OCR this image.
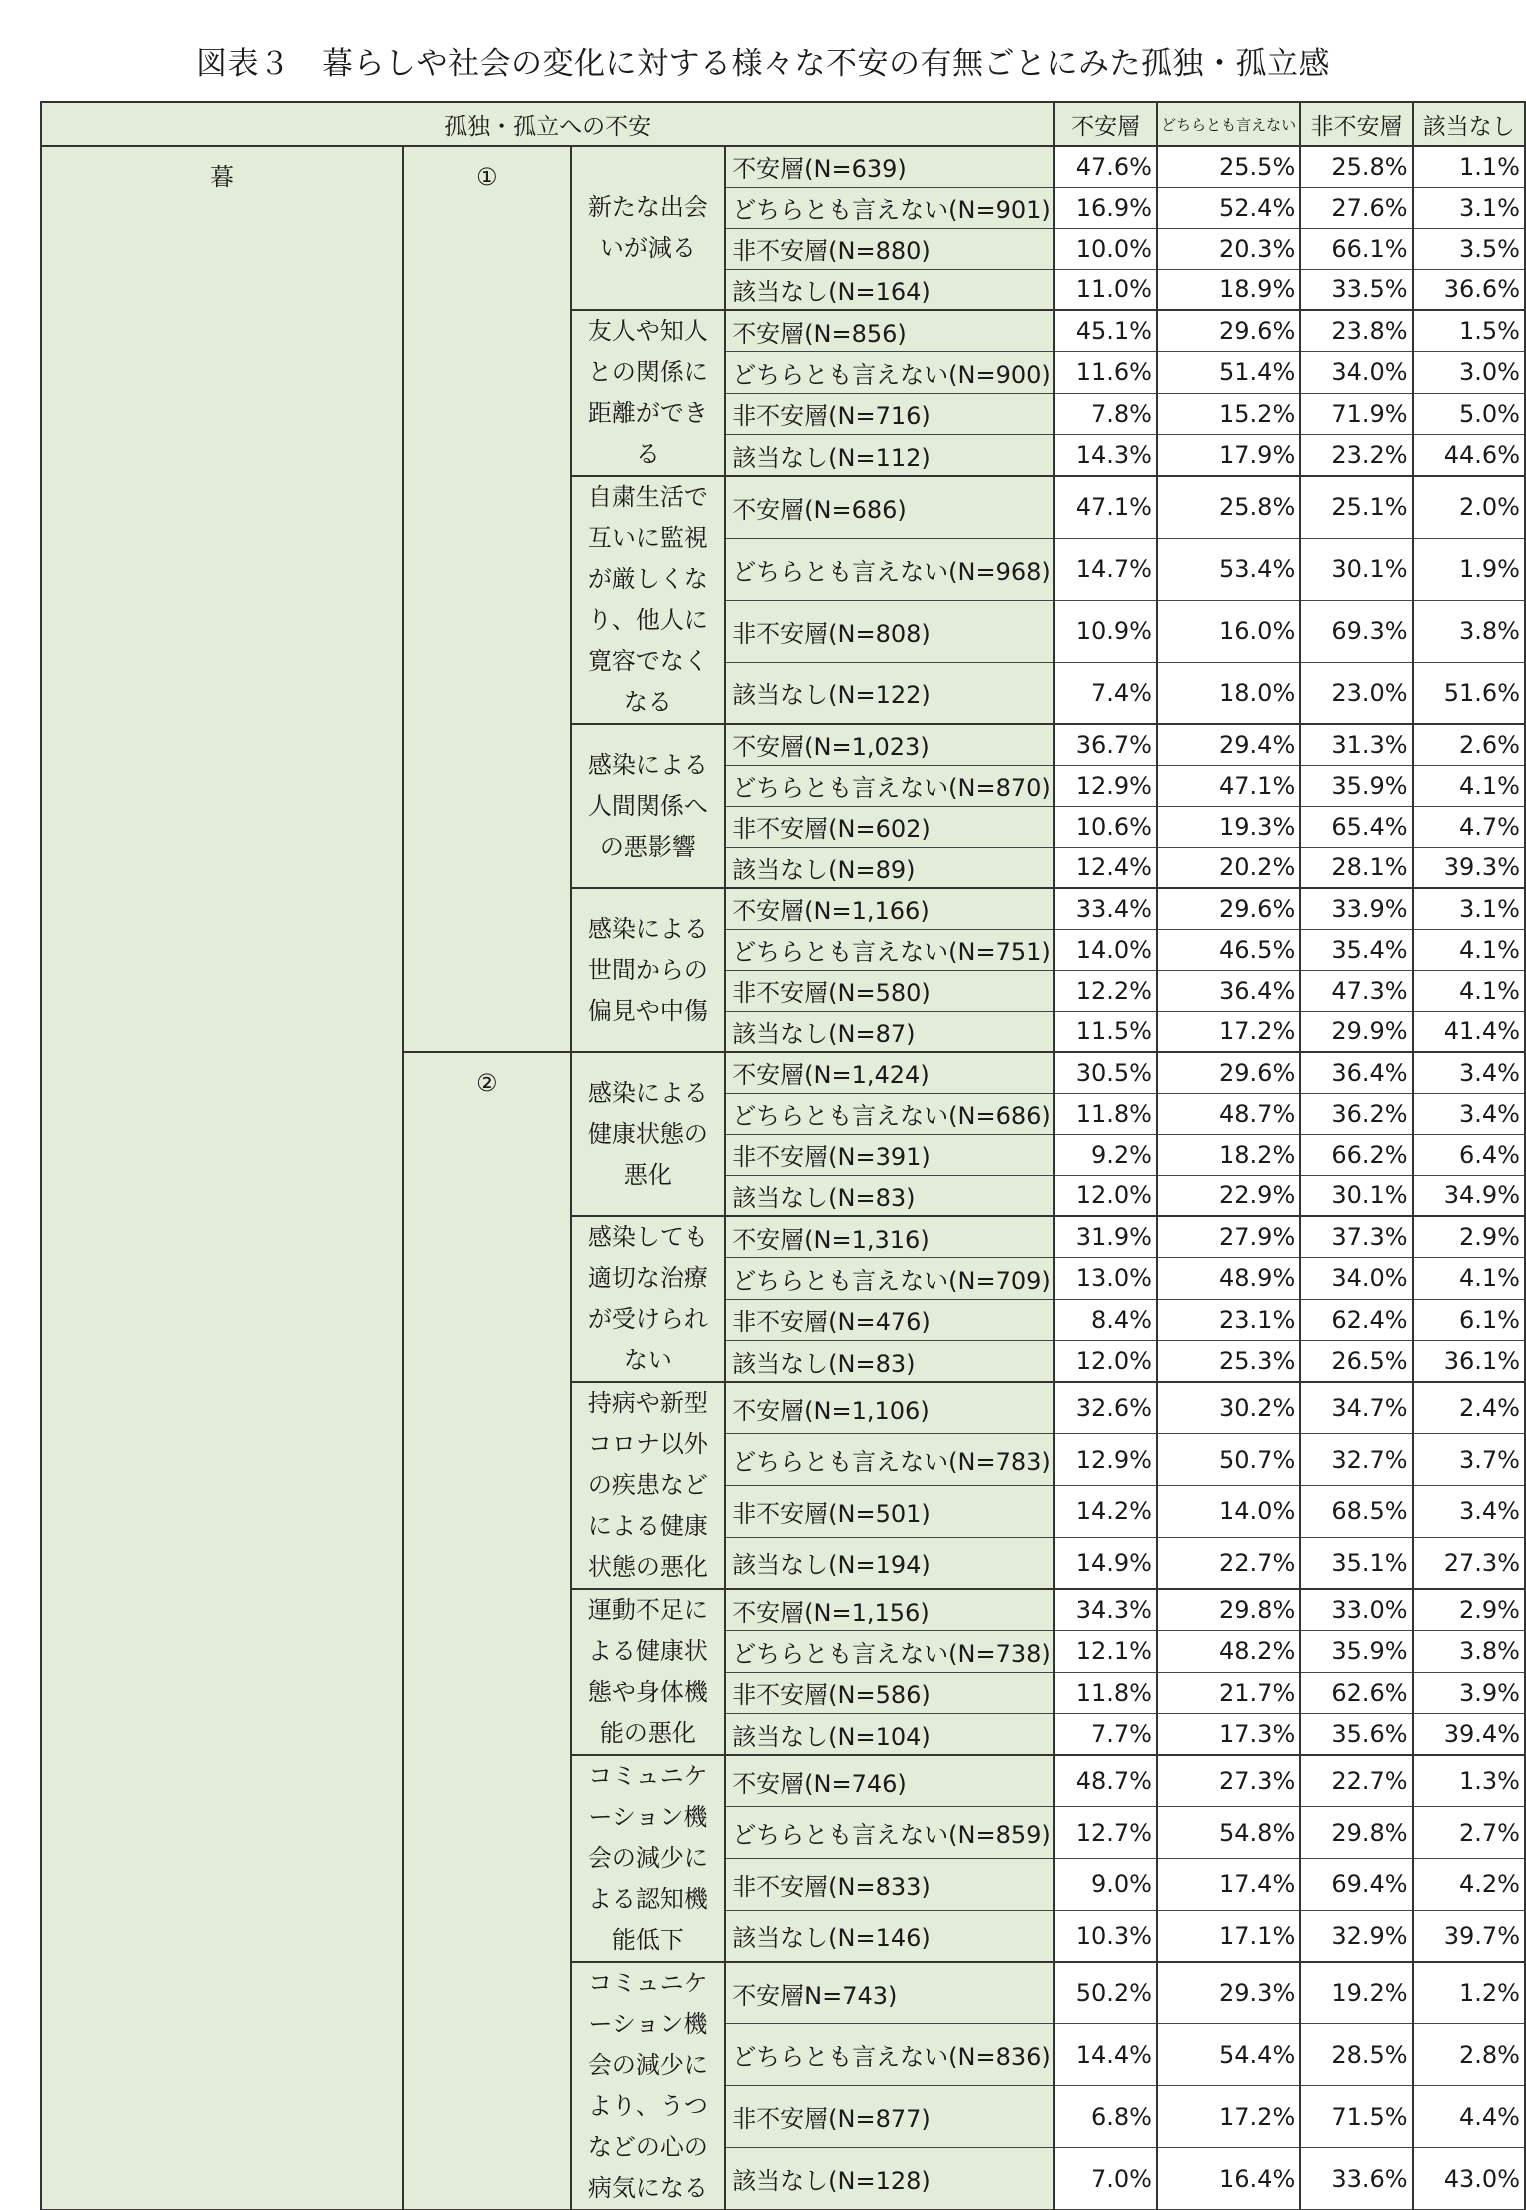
図表３　暮らしや社会の変化に対する様々な不安の有無ごとにみた孤独・孤立感
孤独・孤立への不安				不安層	どちらとも言えない	非不安層	該当なし
暮	①	新たな出会いが減る	不安層(N=639)	47.6%	25.5%	25.8%	1.1%
			どちらとも言えない(N=901)	16.9%	52.4%	27.6%	3.1%
			非不安層(N=880)	10.0%	20.3%	66.1%	3.5%
			該当なし(N=164)	11.0%	18.9%	33.5%	36.6%
		友人や知人との関係に距離ができる	不安層(N=856)	45.1%	29.6%	23.8%	1.5%
			どちらとも言えない(N=900)	11.6%	51.4%	34.0%	3.0%
			非不安層(N=716)	7.8%	15.2%	71.9%	5.0%
			該当なし(N=112)	14.3%	17.9%	23.2%	44.6%
		自粛生活で互いに監視が厳しくなり、他人に寛容でなくなる	不安層(N=686)	47.1%	25.8%	25.1%	2.0%
			どちらとも言えない(N=968)	14.7%	53.4%	30.1%	1.9%
			非不安層(N=808)	10.9%	16.0%	69.3%	3.8%
			該当なし(N=122)	7.4%	18.0%	23.0%	51.6%
		感染による人間関係への悪影響	不安層(N=1,023)	36.7%	29.4%	31.3%	2.6%
			どちらとも言えない(N=870)	12.9%	47.1%	35.9%	4.1%
			非不安層(N=602)	10.6%	19.3%	65.4%	4.7%
			該当なし(N=89)	12.4%	20.2%	28.1%	39.3%
		感染による世間からの偏見や中傷	不安層(N=1,166)	33.4%	29.6%	33.9%	3.1%
			どちらとも言えない(N=751)	14.0%	46.5%	35.4%	4.1%
			非不安層(N=580)	12.2%	36.4%	47.3%	4.1%
			該当なし(N=87)	11.5%	17.2%	29.9%	41.4%
	②	感染による健康状態の悪化	不安層(N=1,424)	30.5%	29.6%	36.4%	3.4%
			どちらとも言えない(N=686)	11.8%	48.7%	36.2%	3.4%
			非不安層(N=391)	9.2%	18.2%	66.2%	6.4%
			該当なし(N=83)	12.0%	22.9%	30.1%	34.9%
		感染しても適切な治療が受けられない	不安層(N=1,316)	31.9%	27.9%	37.3%	2.9%
			どちらとも言えない(N=709)	13.0%	48.9%	34.0%	4.1%
			非不安層(N=476)	8.4%	23.1%	62.4%	6.1%
			該当なし(N=83)	12.0%	25.3%	26.5%	36.1%
		持病や新型コロナ以外の疾患などによる健康状態の悪化	不安層(N=1,106)	32.6%	30.2%	34.7%	2.4%
			どちらとも言えない(N=783)	12.9%	50.7%	32.7%	3.7%
			非不安層(N=501)	14.2%	14.0%	68.5%	3.4%
			該当なし(N=194)	14.9%	22.7%	35.1%	27.3%
		運動不足による健康状態や身体機能の悪化	不安層(N=1,156)	34.3%	29.8%	33.0%	2.9%
			どちらとも言えない(N=738)	12.1%	48.2%	35.9%	3.8%
			非不安層(N=586)	11.8%	21.7%	62.6%	3.9%
			該当なし(N=104)	7.7%	17.3%	35.6%	39.4%
		コミュニケーション機会の減少による認知機能低下	不安層(N=746)	48.7%	27.3%	22.7%	1.3%
			どちらとも言えない(N=859)	12.7%	54.8%	29.8%	2.7%
			非不安層(N=833)	9.0%	17.4%	69.4%	4.2%
			該当なし(N=146)	10.3%	17.1%	32.9%	39.7%
		コミュニケーション機会の減少により、うつなどの心の病気になる	不安層N=743)	50.2%	29.3%	19.2%	1.2%
			どちらとも言えない(N=836)	14.4%	54.4%	28.5%	2.8%
			非不安層(N=877)	6.8%	17.2%	71.5%	4.4%
			該当なし(N=128)	7.0%	16.4%	33.6%	43.0%
